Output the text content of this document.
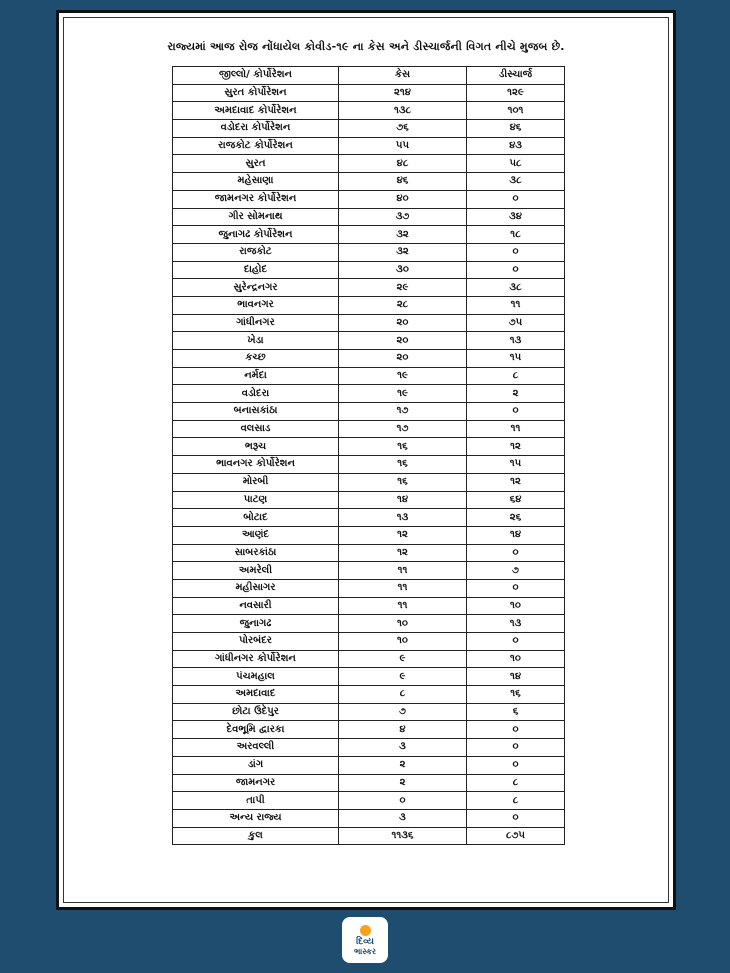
રાજ્યમાં આજ રોજ નોંધાયેલ કોવીડ-૧૯ ના કેસ અને ડીસ્ચાર્જની વિગત નીચે મુજબ છે.
જીલ્લો/ કોર્પોરેશન	કેસ	ડીસ્ચાર્જ
સુરત કોર્પોરેશન	૨૧૪	૧૨૯
અમદાવાદ કોર્પોરેશન	૧૩૮	૧૦૧
વડોદરા કોર્પોરેશન	૭૬	૪૬
રાજકોટ કોર્પોરેશન	૫૫	૪૩
સુરત	૪૮	૫૮
મહેસાણા	૪૬	૩૮
જામનગર કોર્પોરેશન	૪૦	૦
ગીર સોમનાથ	૩૭	૩૪
જુનાગઢ કોર્પોરેશન	૩૨	૧૮
રાજકોટ	૩૨	૦
દાહોદ	૩૦	૦
સુરેન્દ્રનગર	૨૯	૩૮
ભાવનગર	૨૮	૧૧
ગાંધીનગર	૨૦	૭૫
ખેડા	૨૦	૧૩
કચ્છ	૨૦	૧૫
નર્મદા	૧૯	૮
વડોદરા	૧૯	૨
બનાસકાંઠા	૧૭	૦
વલસાડ	૧૭	૧૧
ભરૂચ	૧૬	૧૨
ભાવનગર કોર્પોરેશન	૧૬	૧૫
મોરબી	૧૬	૧૨
પાટણ	૧૪	૬૪
બોટાદ	૧૩	૨૬
આણંદ	૧૨	૧૪
સાબરકાંઠા	૧૨	૦
અમરેલી	૧૧	૭
મહીસાગર	૧૧	૦
નવસારી	૧૧	૧૦
જુનાગઢ	૧૦	૧૩
પોરબંદર	૧૦	૦
ગાંધીનગર કોર્પોરેશન	૯	૧૦
પંચમહાલ	૯	૧૪
અમદાવાદ	૮	૧૬
છોટા ઉદેપુર	૭	૬
દેવભૂમિ દ્વારકા	૪	૦
અરવલ્લી	૩	૦
ડાંગ	૨	૦
જામનગર	૨	૮
તાપી	૦	૮
અન્ય રાજ્ય	૩	૦
કુલ	૧૧૩૬	૮૭૫
દિવ્ય
ભાસ્કર
